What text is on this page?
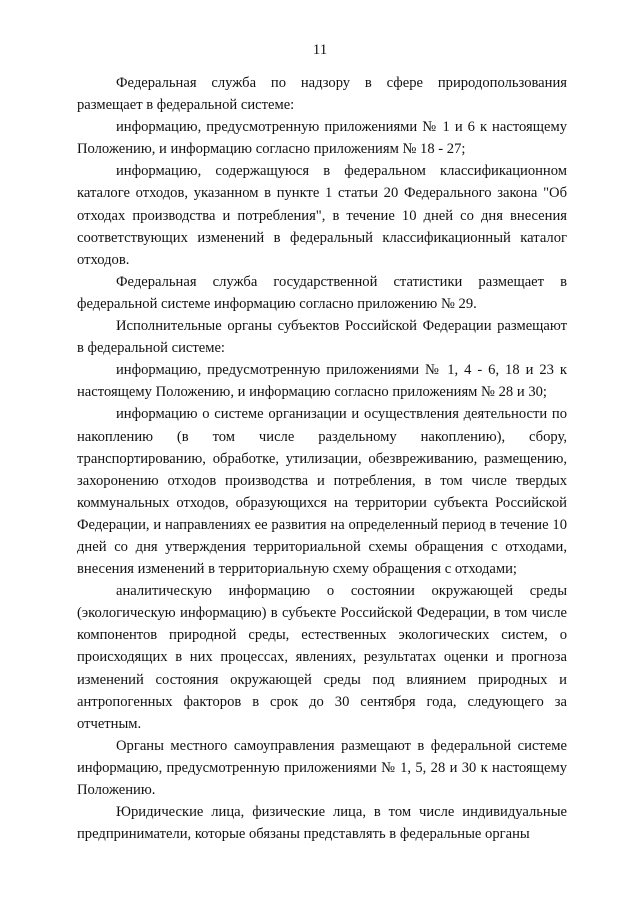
11

Федеральная служба по надзору в сфере природопользования размещает в федеральной системе:

информацию, предусмотренную приложениями № 1 и 6 к настоящему Положению, и информацию согласно приложениям № 18 - 27;

информацию, содержащуюся в федеральном классификационном каталоге отходов, указанном в пункте 1 статьи 20 Федерального закона "Об отходах производства и потребления", в течение 10 дней со дня внесения соответствующих изменений в федеральный классификационный каталог отходов.

Федеральная служба государственной статистики размещает в федеральной системе информацию согласно приложению № 29.

Исполнительные органы субъектов Российской Федерации размещают в федеральной системе:

информацию, предусмотренную приложениями № 1, 4 - 6, 18 и 23 к настоящему Положению, и информацию согласно приложениям № 28 и 30;

информацию о системе организации и осуществления деятельности по накоплению (в том числе раздельному накоплению), сбору, транспортированию, обработке, утилизации, обезвреживанию, размещению, захоронению отходов производства и потребления, в том числе твердых коммунальных отходов, образующихся на территории субъекта Российской Федерации, и направлениях ее развития на определенный период в течение 10 дней со дня утверждения территориальной схемы обращения с отходами, внесения изменений в территориальную схему обращения с отходами;

аналитическую информацию о состоянии окружающей среды (экологическую информацию) в субъекте Российской Федерации, в том числе компонентов природной среды, естественных экологических систем, о происходящих в них процессах, явлениях, результатах оценки и прогноза изменений состояния окружающей среды под влиянием природных и антропогенных факторов в срок до 30 сентября года, следующего за отчетным.

Органы местного самоуправления размещают в федеральной системе информацию, предусмотренную приложениями № 1, 5, 28 и 30 к настоящему Положению.

Юридические лица, физические лица, в том числе индивидуальные предприниматели, которые обязаны представлять в федеральные органы
